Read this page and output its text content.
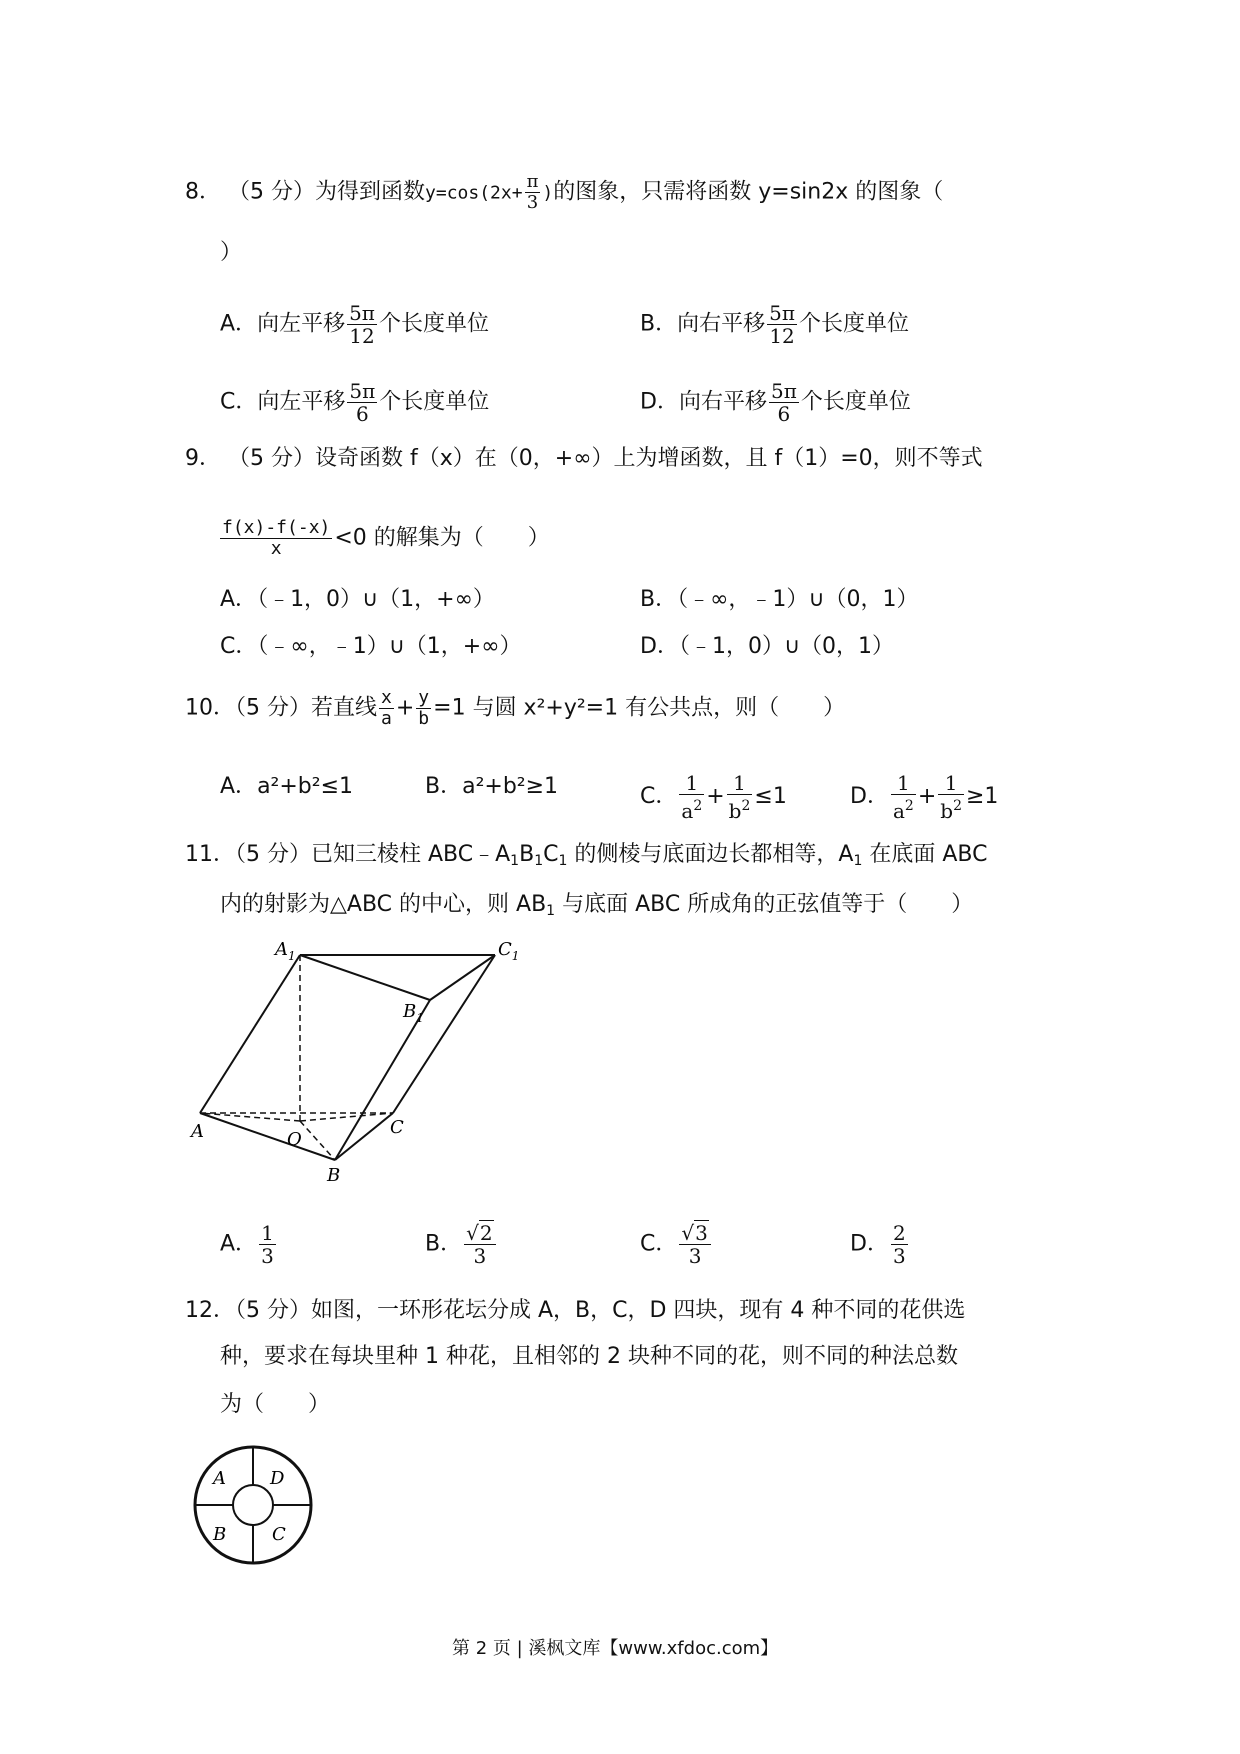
8． （5 分）为得到函数$y=\cos(2x+ \frac{\pi}{3}$ )的图象，只需将函数 y=sin2x 的图象（
）
A．向左平移 $\frac{5\pi}{12}$ 个长度单位	B．向右平移 $\frac{5\pi}{12}$ 个长度单位
C．向左平移 $\frac{5\pi}{6}$ 个长度单位	D．向右平移 $\frac{5\pi}{6}$ 个长度单位
9． （5 分）设奇函数 f（x）在（0，+∞）上为增函数，且 f（1）=0，则不等式
$\frac{f(x)-f(-x)}{x} <0$ 的解集为（　　）
A．（﹣1，0）∪（1，+∞）	B．（﹣∞，﹣1）∪（0，1）
C．（﹣∞，﹣1）∪（1，+∞）	D．（﹣1，0）∪（0，1）
10．（5 分）若直线 $\frac{x}{a} + \frac{y}{b} =1$ 与圆 x²+y²=1 有公共点，则（　　）
A．a²+b²≤1	B．a²+b²≥1	C． $\frac{1}{a^2} + \frac{1}{b^2} \le 1$	D． $\frac{1}{a^2} + \frac{1}{b^2} \ge 1$
11．（5 分）已知三棱柱 $ABC﹣A_1B_1C_1$ 的侧棱与底面边长都相等，$A_1$ 在底面 ABC
内的射影为△ABC 的中心，则 $AB_1$ 与底面 ABC 所成角的正弦值等于（　　）
$A_1$	$C_1$
$B_1$
A	O
C
B
A． $\frac{1}{3}$	B． $\frac{√2}{3}$	C． $\frac{√3}{3}$	D． $\frac{2}{3}$
12．（5 分）如图，一环形花坛分成 A，B，C，D 四块，现有 4 种不同的花供选
种，要求在每块里种 1 种花，且相邻的 2 块种不同的花，则不同的种法总数
为（　　）
A D
B	C
第 2 页 | 溪枫文库【www.xfdoc.com】
